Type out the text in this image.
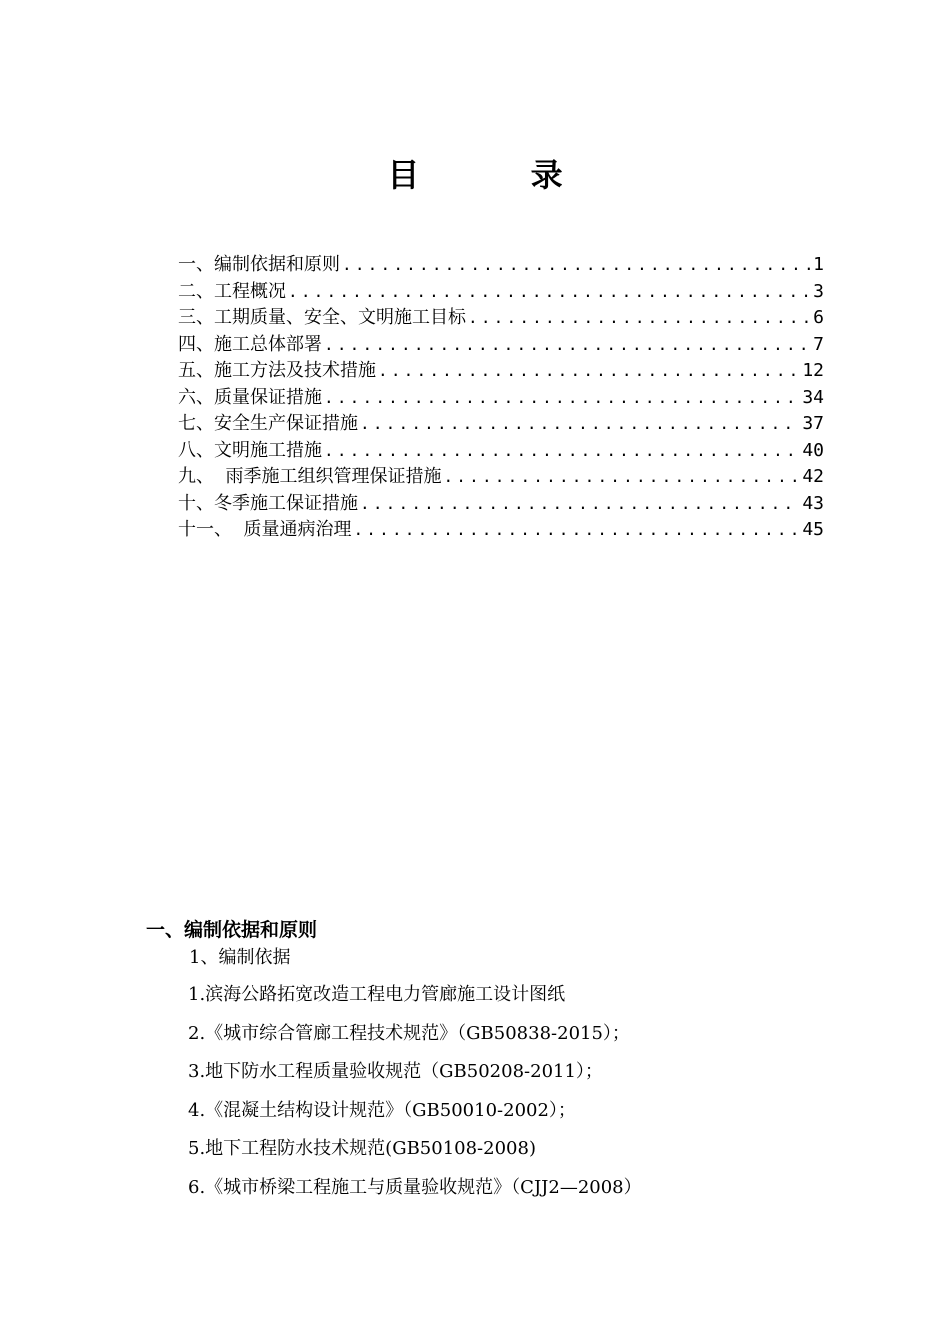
目 录
一、编制依据和原则 .....	1
二、工程概况 .....	3
三、工期质量、安全、文明施工目标 .....	6
四、施工总体部署 .....	7
五、施工方法及技术措施 .....	12
六、质量保证措施 .....	34
七、安全生产保证措施 .....	37
八、文明施工措施 .....	40
九、  雨季施工组织管理保证措施 .....	42
十、冬季施工保证措施 .....	43
十一、  质量通病治理 .....	45
一、编制依据和原则
1、编制依据
1.滨海公路拓宽改造工程电力管廊施工设计图纸
2.《城市综合管廊工程技术规范》（GB50838-2015）；
3.地下防水工程质量验收规范（GB50208-2011）；
4.《混凝土结构设计规范》（GB50010-2002）；
5.地下工程防水技术规范(GB50108-2008)
6.《城市桥梁工程施工与质量验收规范》（CJJ2—2008）
